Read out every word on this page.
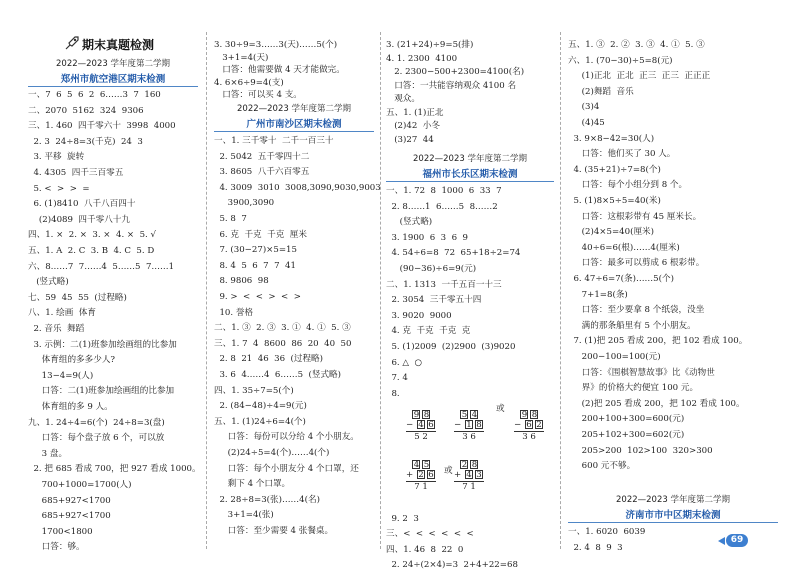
期末真题检测
2022—2023 学年度第二学期
郑州市航空港区期末检测
一、7  6  5  6  2  6……3  7  160
二、2070  5162  324  9306
三、1. 460  四千零六十  3998  4000
2. 3  24÷8=3(千克)  24  3
3. 平移  旋转
4. 4305  四千三百零五
5. <  >  >  =
6. (1)8410  八千八百四十
(2)4089  四千零八十九
四、1. ×  2. ×  3. ×  4. ×  5. √
五、1. A  2. C  3. B  4. C  5. D
六、8……7  7……4  5……5  7……1
(竖式略)
七、59  45  55  (过程略)
八、1. 绘画  体育
2. 音乐  舞蹈
3. 示例：二(1)班参加绘画组的比参加
体育组的多多少人?
13−4=9(人)
口答：二(1)班参加绘画组的比参加
体育组的多 9 人。
九、1. 24÷4=6(个)  24÷8=3(盘)
口答：每个盘子放 6 个，可以放
3 盘。
2. 把 685 看成 700，把 927 看成 1000。
700+1000=1700(人)
685+927<1700
685+927<1700
1700<1800
口答：够。
3. 30÷9=3……3(天)……5(个)
3+1=4(天)
口答：他需要做 4 天才能做完。
4. 6×6÷9=4(支)
口答：可以买 4 支。
2022—2023 学年度第二学期
广州市南沙区期末检测
一、1. 三千零十  二千一百三十
2. 5042  五千零四十二
3. 8605  八千六百零五
4. 3009  3010  3008,3090,9030,9003
3900,3090
5. 8  7
6. 克  千克  千克  厘米
7. (30−27)×5=15
8. 4  5  6  7  7  41
8. 9806  98
9. >  <  <  >  <  >
10. 誉格
二、1. ③  2. ③  3. ①  4. ①  5. ③
三、1. 7  4  8600  86  20  40  50
2. 8  21  46  36  (过程略)
3. 6  4……4  6……5  (竖式略)
四、1. 35÷7=5(个)
2. (84−48)÷4=9(元)
五、1. (1)24÷6=4(个)
口答：每份可以分给 4 个小朋友。
(2)24÷5=4(个)……4(个)
口答：每个小朋友分 4 个口罩，还
剩下 4 个口罩。
2. 28÷8=3(张)……4(名)
3+1=4(张)
口答：至少需要 4 张餐桌。
3. (21+24)÷9=5(排)
4. 1. 2300  4100
2. 2300−500+2300=4100(名)
口答：一共能容纳观众 4100 名
观众。
五、1. (1)正北
(2)42  小冬
(3)27  44
2022—2023 学年度第二学期
福州市长乐区期末检测
一、1. 72  8  1000  6  33  7
2. 8……1  6……5  8……2
(竖式略)
3. 1900  6  3  6  9
4. 54÷6=8  72  65+18÷2=74
(90−36)÷6=9(元)
二、1. 1313  一千五百一十三
2. 3054  三千零五十四
3. 9020  9000
4. 克  千克  千克  克
5. (1)2009  (2)2900  (3)9020
6. △  ○
7. 4
8.
9. 2  3
三、<  <  <  <  <  <
四、1. 46  8  22  0
2. 24÷(2×4)=3  2+4+22=68
9 8
− 4 6
5 2
5 4
− 1 8
3 6
9 8
− 6 2
3 6
4 5
+ 2 6
7 1
2 8
+ 4 3
7 1
或
或
五、1. ③  2. ②  3. ③  4. ①  5. ③
六、1. (70−30)÷5=8(元)
(1)正北  正北  正三  正三  正正正
(2)舞蹈  音乐
(3)4
(4)45
3. 9×8−42=30(人)
口答：他们买了 30 人。
4. (35+21)÷7=8(个)
口答：每个小组分到 8 个。
5. (1)8×5÷5=40(米)
口答：这根彩带有 45 厘米长。
(2)4×5=40(厘米)
40÷6=6(根)……4(厘米)
口答：最多可以剪成 6 根彩带。
6. 47÷6=7(条)……5(个)
7+1=8(条)
口答：至少要拿 8 个纸袋，没坐
满的那条船里有 5 个小朋友。
7. (1)把 205 看成 200，把 102 看成 100。
200−100=100(元)
口答：《围棋智慧故事》比《动物世
界》的价格大约便宜 100 元。
(2)把 205 看成 200，把 102 看成 100。
200+100+300=600(元)
205+102+300=602(元)
205>200  102>100  320>300
600 元不够。
2022—2023 学年度第二学期
济南市市中区期末检测
一、1. 6020  6039
2. 4  8  9  3
69
